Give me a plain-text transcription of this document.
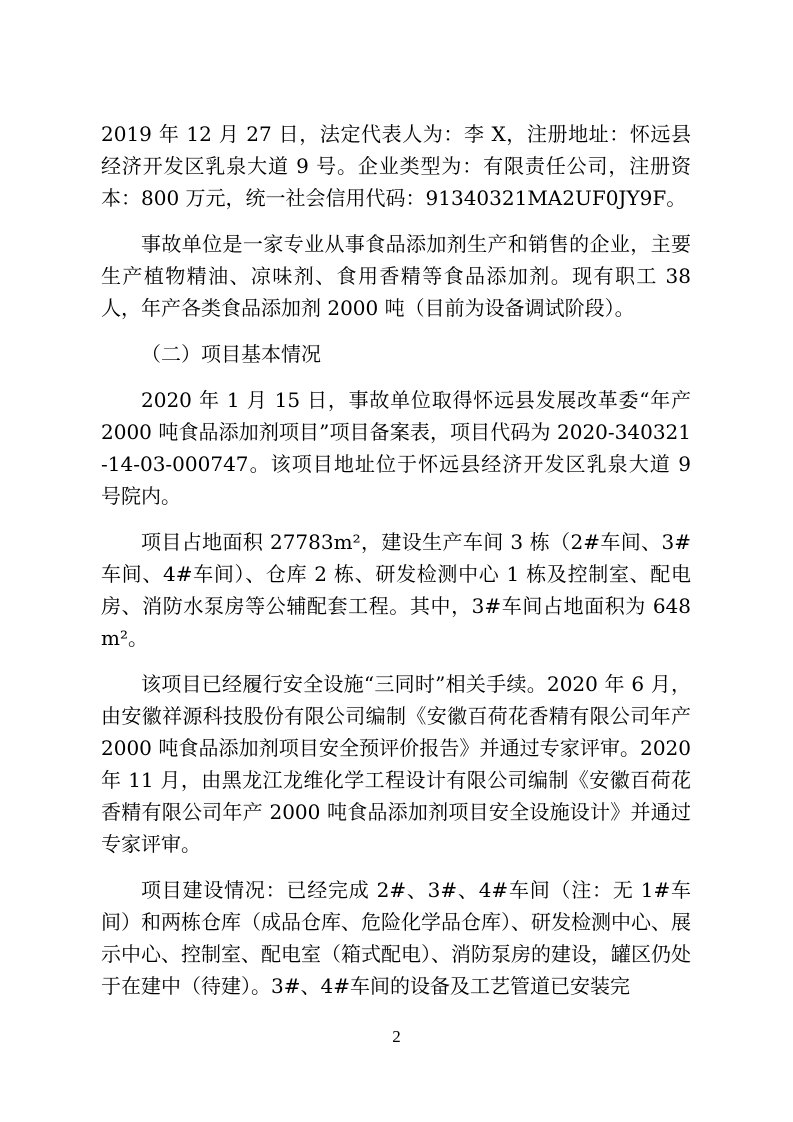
2019 年 12 月 27 日，法定代表人为：李 X，注册地址：怀远县经济开发区乳泉大道 9 号。企业类型为：有限责任公司，注册资本：800 万元，统一社会信用代码：91340321MA2UF0JY9F。

事故单位是一家专业从事食品添加剂生产和销售的企业，主要生产植物精油、凉味剂、食用香精等食品添加剂。现有职工 38 人，年产各类食品添加剂 2000 吨（目前为设备调试阶段）。

（二）项目基本情况

2020 年 1 月 15 日，事故单位取得怀远县发展改革委“年产 2000 吨食品添加剂项目”项目备案表，项目代码为 2020-340321-14-03-000747。该项目地址位于怀远县经济开发区乳泉大道 9 号院内。

项目占地面积 27783m²，建设生产车间 3 栋（2#车间、3#车间、4#车间）、仓库 2 栋、研发检测中心 1 栋及控制室、配电房、消防水泵房等公辅配套工程。其中，3#车间占地面积为 648m²。

该项目已经履行安全设施“三同时”相关手续。2020 年 6 月，由安徽祥源科技股份有限公司编制《安徽百荷花香精有限公司年产 2000 吨食品添加剂项目安全预评价报告》并通过专家评审。2020 年 11 月，由黑龙江龙维化学工程设计有限公司编制《安徽百荷花香精有限公司年产 2000 吨食品添加剂项目安全设施设计》并通过专家评审。

项目建设情况：已经完成 2#、3#、4#车间（注：无 1#车间）和两栋仓库（成品仓库、危险化学品仓库）、研发检测中心、展示中心、控制室、配电室（箱式配电）、消防泵房的建设，罐区仍处于在建中（待建）。3#、4#车间的设备及工艺管道已安装完

2
